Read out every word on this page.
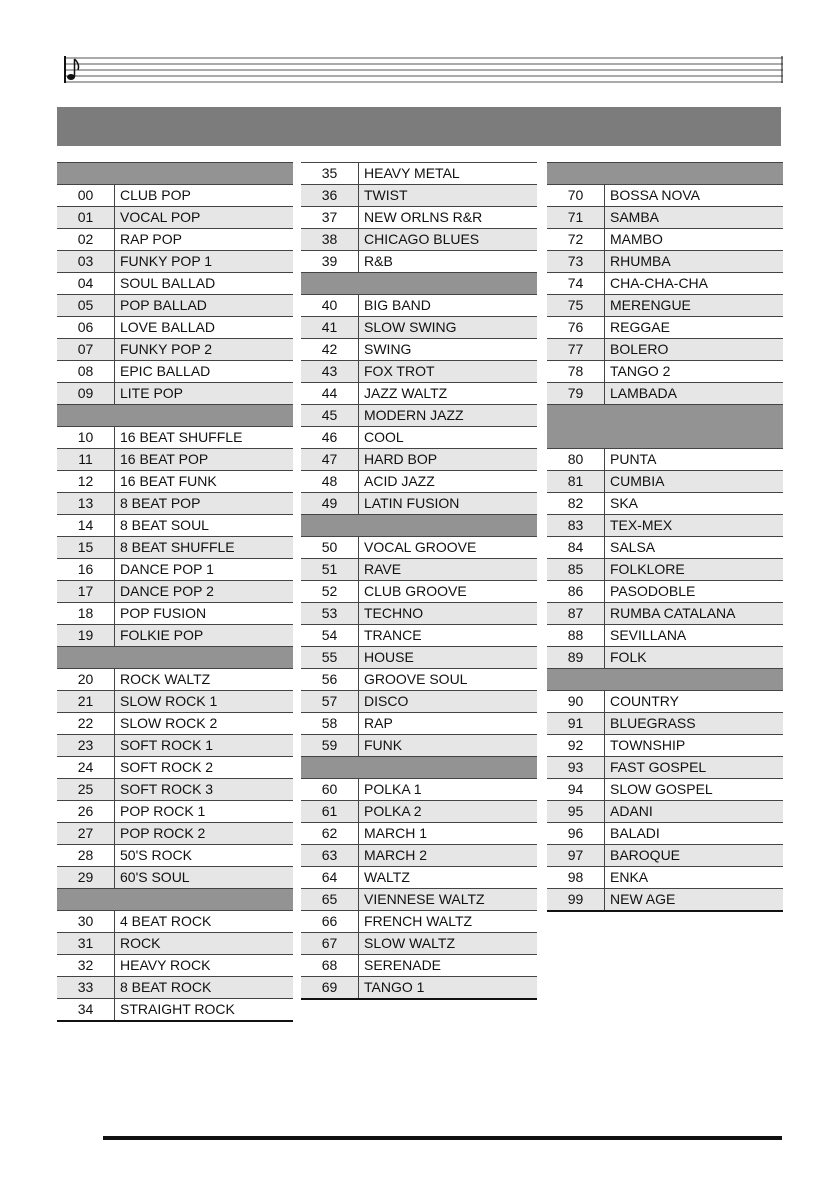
00	CLUB POP
01	VOCAL POP
02	RAP POP
03	FUNKY POP 1
04	SOUL BALLAD
05	POP BALLAD
06	LOVE BALLAD
07	FUNKY POP 2
08	EPIC BALLAD
09	LITE POP

10	16 BEAT SHUFFLE
11	16 BEAT POP
12	16 BEAT FUNK
13	8 BEAT POP
14	8 BEAT SOUL
15	8 BEAT SHUFFLE
16	DANCE POP 1
17	DANCE POP 2
18	POP FUSION
19	FOLKIE POP

20	ROCK WALTZ
21	SLOW ROCK 1
22	SLOW ROCK 2
23	SOFT ROCK 1
24	SOFT ROCK 2
25	SOFT ROCK 3
26	POP ROCK 1
27	POP ROCK 2
28	50'S ROCK
29	60'S SOUL

30	4 BEAT ROCK
31	ROCK
32	HEAVY ROCK
33	8 BEAT ROCK
34	STRAIGHT ROCK
35	HEAVY METAL
36	TWIST
37	NEW ORLNS R&R
38	CHICAGO BLUES
39	R&B

40	BIG BAND
41	SLOW SWING
42	SWING
43	FOX TROT
44	JAZZ WALTZ
45	MODERN JAZZ
46	COOL
47	HARD BOP
48	ACID JAZZ
49	LATIN FUSION

50	VOCAL GROOVE
51	RAVE
52	CLUB GROOVE
53	TECHNO
54	TRANCE
55	HOUSE
56	GROOVE SOUL
57	DISCO
58	RAP
59	FUNK

60	POLKA 1
61	POLKA 2
62	MARCH 1
63	MARCH 2
64	WALTZ
65	VIENNESE WALTZ
66	FRENCH WALTZ
67	SLOW WALTZ
68	SERENADE
69	TANGO 1

70	BOSSA NOVA
71	SAMBA
72	MAMBO
73	RHUMBA
74	CHA-CHA-CHA
75	MERENGUE
76	REGGAE
77	BOLERO
78	TANGO 2
79	LAMBADA

80	PUNTA
81	CUMBIA
82	SKA
83	TEX-MEX
84	SALSA
85	FOLKLORE
86	PASODOBLE
87	RUMBA CATALANA
88	SEVILLANA
89	FOLK

90	COUNTRY
91	BLUEGRASS
92	TOWNSHIP
93	FAST GOSPEL
94	SLOW GOSPEL
95	ADANI
96	BALADI
97	BAROQUE
98	ENKA
99	NEW AGE
